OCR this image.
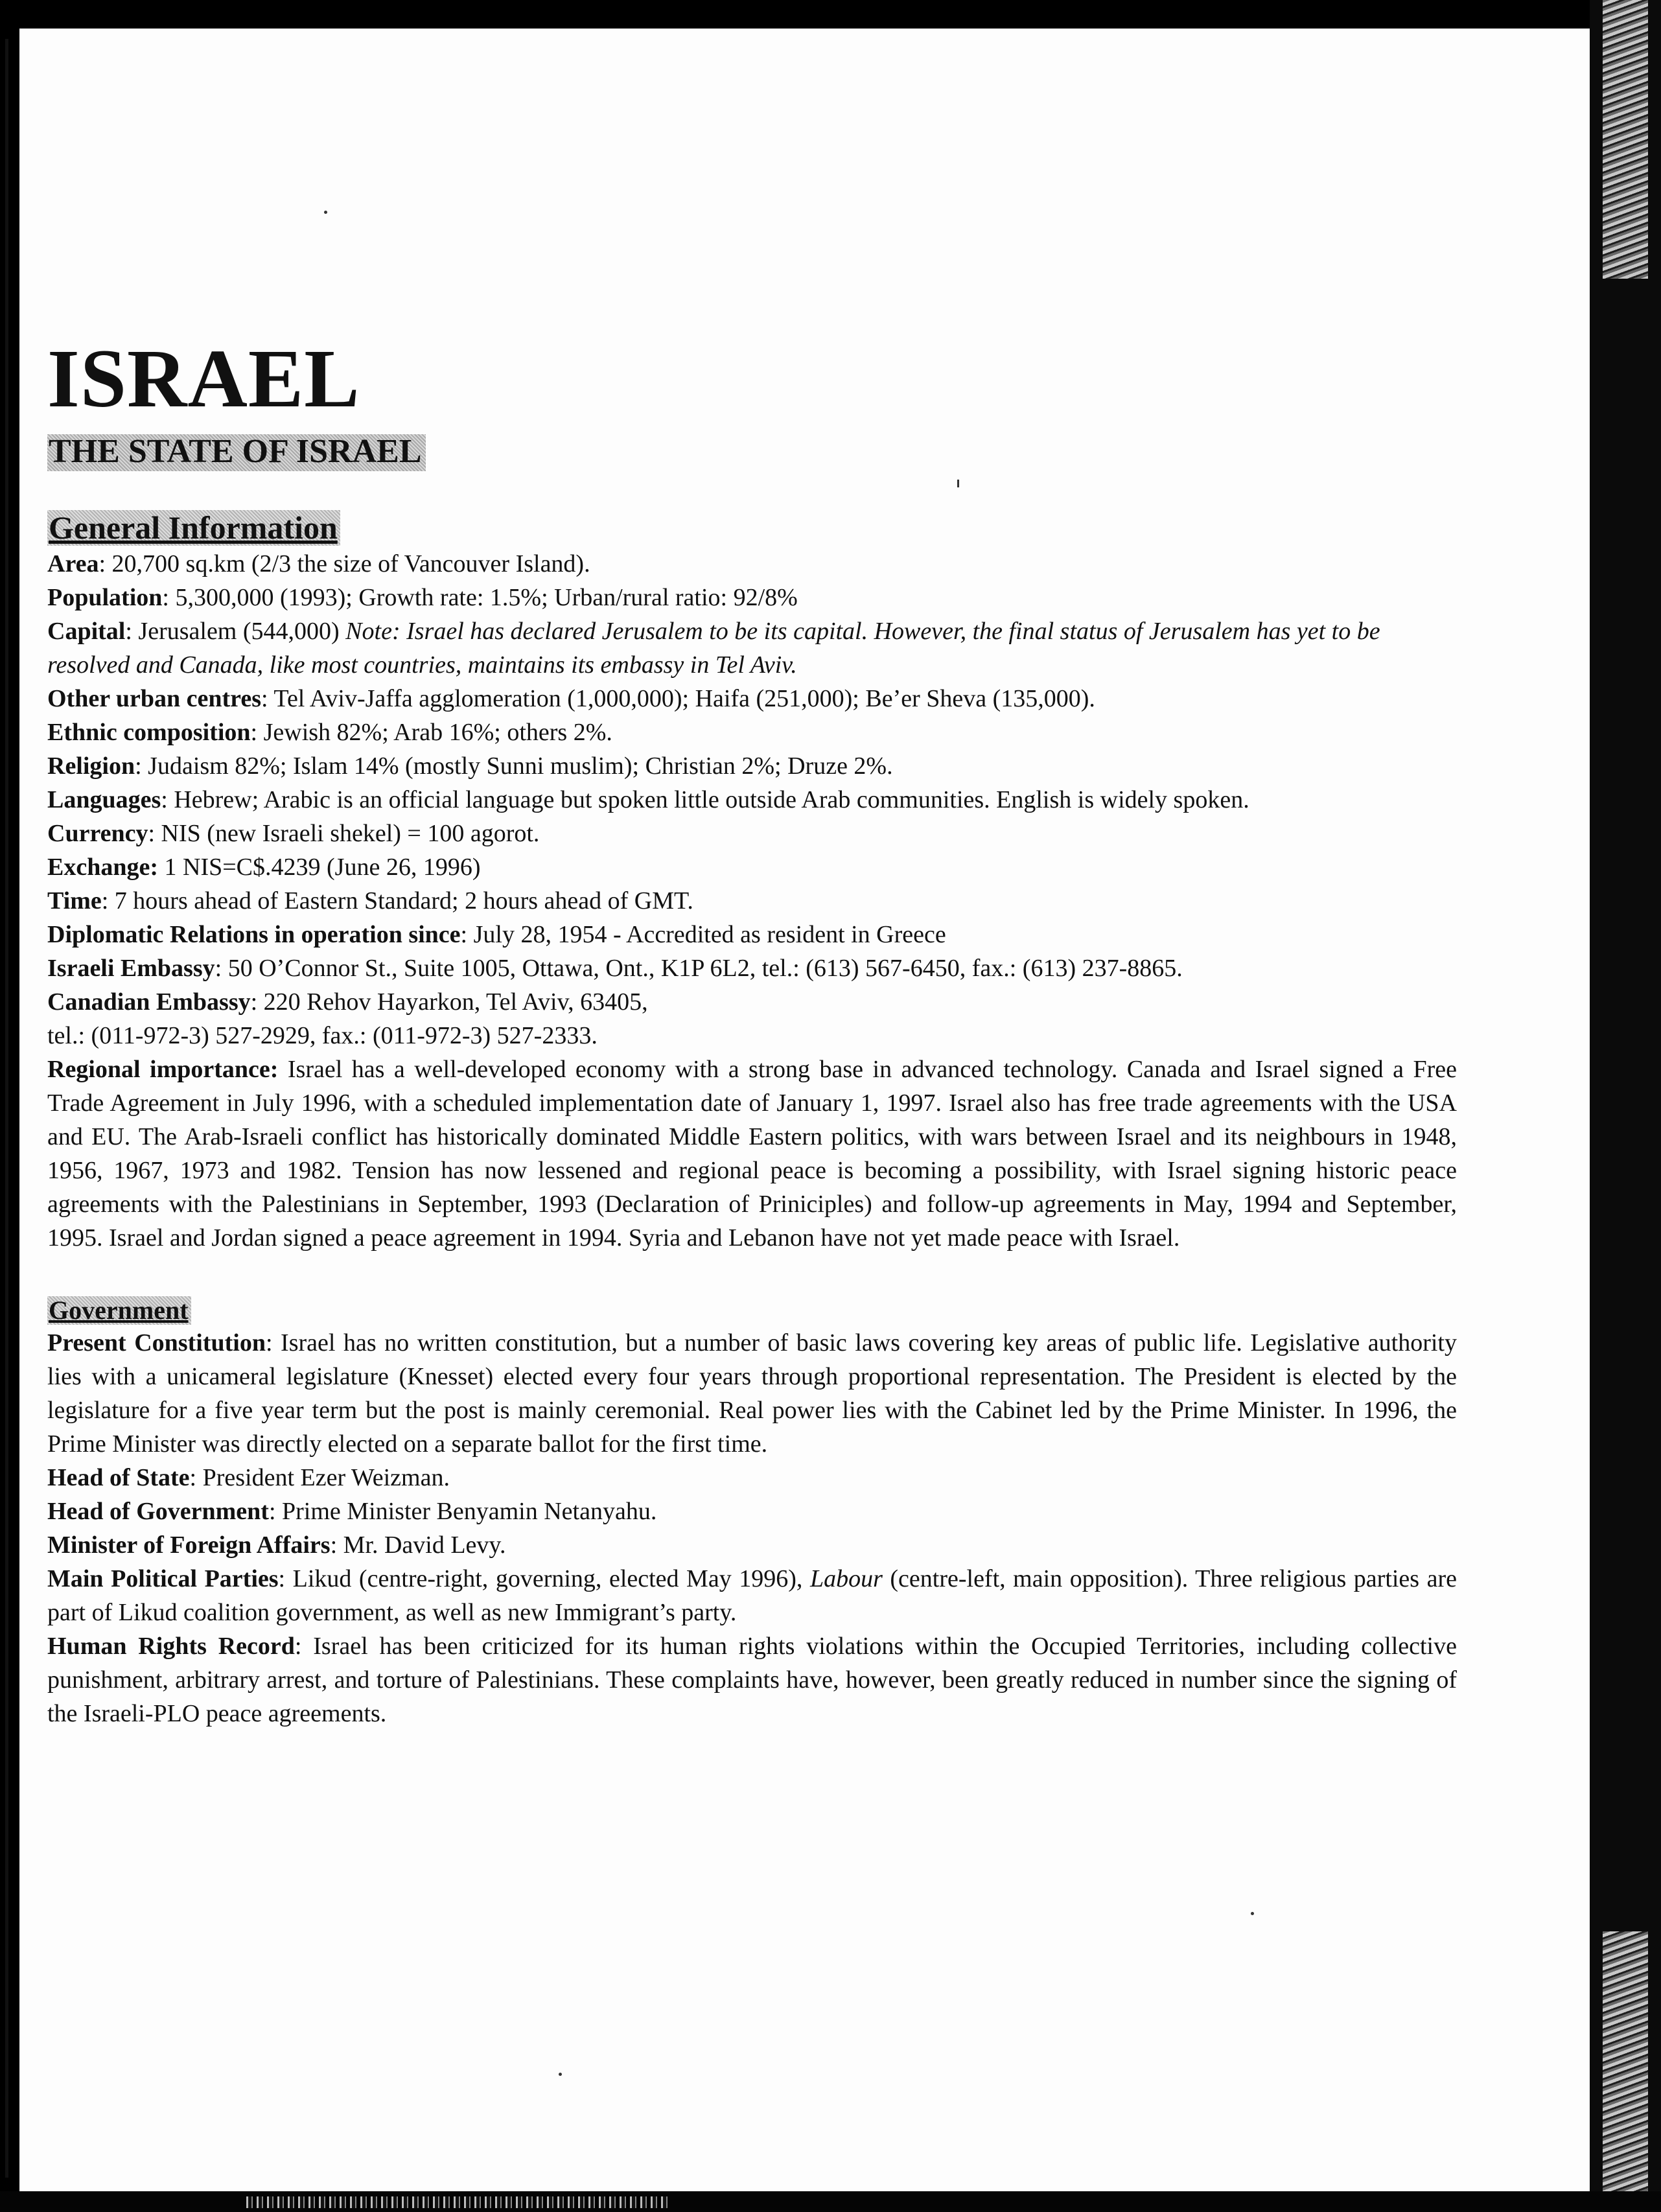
ISRAEL
THE STATE OF ISRAEL
General Information

Area: 20,700 sq.km (2/3 the size of Vancouver Island).

Population: 5,300,000 (1993); Growth rate: 1.5%; Urban/rural ratio: 92/8%

Capital: Jerusalem (544,000) Note: Israel has declared Jerusalem to be its capital. However, the final status of Jerusalem has yet to be resolved and Canada, like most countries, maintains its embassy in Tel Aviv.

Other urban centres: Tel Aviv-Jaffa agglomeration (1,000,000); Haifa (251,000); Be’er Sheva (135,000).

Ethnic composition: Jewish 82%; Arab 16%; others 2%.

Religion: Judaism 82%; Islam 14% (mostly Sunni muslim); Christian 2%; Druze 2%.

Languages: Hebrew; Arabic is an official language but spoken little outside Arab communities. English is widely spoken.

Currency: NIS (new Israeli shekel) = 100 agorot.

Exchange: 1 NIS=C$.4239 (June 26, 1996)

Time: 7 hours ahead of Eastern Standard; 2 hours ahead of GMT.

Diplomatic Relations in operation since: July 28, 1954 - Accredited as resident in Greece

Israeli Embassy: 50 O’Connor St., Suite 1005, Ottawa, Ont., K1P 6L2, tel.: (613) 567-6450, fax.: (613) 237-8865.

Canadian Embassy: 220 Rehov Hayarkon, Tel Aviv, 63405,

tel.: (011-972-3) 527-2929, fax.: (011-972-3) 527-2333.

Regional importance: Israel has a well-developed economy with a strong base in advanced technology. Canada and Israel signed a Free Trade Agreement in July 1996, with a scheduled implementation date of January 1, 1997. Israel also has free trade agreements with the USA and EU. The Arab-Israeli conflict has historically dominated Middle Eastern politics, with wars between Israel and its neighbours in 1948, 1956, 1967, 1973 and 1982. Tension has now lessened and regional peace is becoming a possibility, with Israel signing historic peace agreements with the Palestinians in September, 1993 (Declaration of Priniciples) and follow-up agreements in May, 1994 and September, 1995. Israel and Jordan signed a peace agreement in 1994. Syria and Lebanon have not yet made peace with Israel.

Government

Present Constitution: Israel has no written constitution, but a number of basic laws covering key areas of public life. Legislative authority lies with a unicameral legislature (Knesset) elected every four years through proportional representation. The President is elected by the legislature for a five year term but the post is mainly ceremonial. Real power lies with the Cabinet led by the Prime Minister. In 1996, the Prime Minister was directly elected on a separate ballot for the first time.

Head of State: President Ezer Weizman.

Head of Government: Prime Minister Benyamin Netanyahu.

Minister of Foreign Affairs: Mr. David Levy.

Main Political Parties: Likud (centre-right, governing, elected May 1996), Labour (centre-left, main opposition). Three religious parties are part of Likud coalition government, as well as new Immigrant’s party.

Human Rights Record: Israel has been criticized for its human rights violations within the Occupied Territories, including collective punishment, arbitrary arrest, and torture of Palestinians. These complaints have, however, been greatly reduced in number since the signing of the Israeli-PLO peace agreements.
